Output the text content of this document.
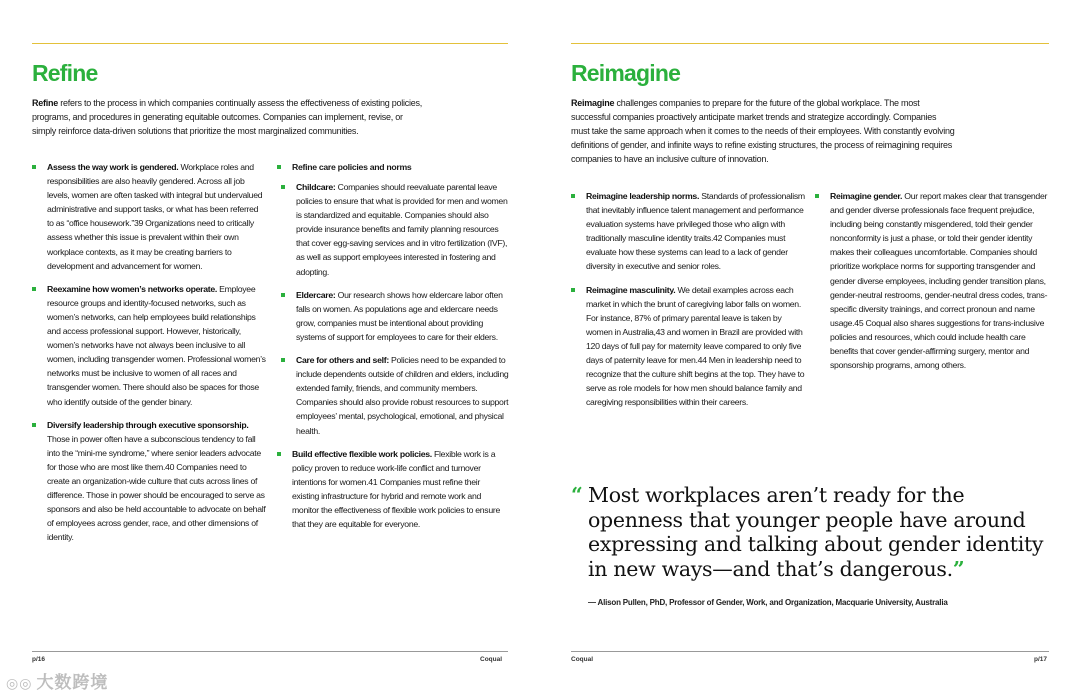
Refine

Refine refers to the process in which companies continually assess the effectiveness of existing policies, programs, and procedures in generating equitable outcomes. Companies can implement, revise, or simply reinforce data-driven solutions that prioritize the most marginalized communities.

Assess the way work is gendered. Workplace roles and responsibilities are also heavily gendered. Across all job levels, women are often tasked with integral but undervalued administrative and support tasks, or what has been referred to as “office housework.”39 Organizations need to critically assess whether this issue is prevalent within their own workplace contexts, as it may be creating barriers to development and advancement for women.
Reexamine how women’s networks operate. Employee resource groups and identity-focused networks, such as women’s networks, can help employees build relationships and access professional support. However, historically, women’s networks have not always been inclusive to all women, including transgender women. Professional women’s networks must be inclusive to women of all races and transgender women. There should also be spaces for those who identify outside of the gender binary.
Diversify leadership through executive sponsorship. Those in power often have a subconscious tendency to fall into the “mini-me syndrome,” where senior leaders advocate for those who are most like them.40 Companies need to create an organization-wide culture that cuts across lines of difference. Those in power should be encouraged to serve as sponsors and also be held accountable to advocate on behalf of employees across gender, race, and other dimensions of identity.
Refine care policies and norms
Childcare: Companies should reevaluate parental leave policies to ensure that what is provided for men and women is standardized and equitable. Companies should also provide insurance benefits and family planning resources that cover egg-saving services and in vitro fertilization (IVF), as well as support employees interested in fostering and adopting.
Eldercare: Our research shows how eldercare labor often falls on women. As populations age and eldercare needs grow, companies must be intentional about providing systems of support for employees to care for their elders.
Care for others and self: Policies need to be expanded to include dependents outside of children and elders, including extended family, friends, and community members. Companies should also provide robust resources to support employees’ mental, psychological, emotional, and physical health.
Build effective flexible work policies. Flexible work is a policy proven to reduce work-life conflict and turnover intentions for women.41 Companies must refine their existing infrastructure for hybrid and remote work and monitor the effectiveness of flexible work policies to ensure that they are equitable for everyone.
p/16	Coqual
Reimagine

Reimagine challenges companies to prepare for the future of the global workplace. The most successful companies proactively anticipate market trends and strategize accordingly. Companies must take the same approach when it comes to the needs of their employees. With constantly evolving definitions of gender, and infinite ways to refine existing structures, the process of reimagining requires companies to have an inclusive culture of innovation.

Reimagine leadership norms. Standards of professionalism that inevitably influence talent management and performance evaluation systems have privileged those who align with traditionally masculine identity traits.42 Companies must evaluate how these systems can lead to a lack of gender diversity in executive and senior roles.
Reimagine masculinity. We detail examples across each market in which the brunt of caregiving labor falls on women. For instance, 87% of primary parental leave is taken by women in Australia,43 and women in Brazil are provided with 120 days of full pay for maternity leave compared to only five days of paternity leave for men.44 Men in leadership need to recognize that the culture shift begins at the top. They have to serve as role models for how men should balance family and caregiving responsibilities within their careers.
Reimagine gender. Our report makes clear that transgender and gender diverse professionals face frequent prejudice, including being constantly misgendered, told their gender nonconformity is just a phase, or told their gender identity makes their colleagues uncomfortable. Companies should prioritize workplace norms for supporting transgender and gender diverse employees, including gender transition plans, gender-neutral restrooms, gender-neutral dress codes, trans-specific diversity trainings, and correct pronoun and name usage.45 Coqual also shares suggestions for trans-inclusive policies and resources, which could include health care benefits that cover gender-affirming surgery, mentor and sponsorship programs, among others.
“ Most workplaces aren’t ready for the openness that younger people have around expressing and talking about gender identity in new ways—and that’s dangerous.”
— Alison Pullen, PhD, Professor of Gender, Work, and Organization, Macquarie University, Australia
Coqual	p/17
◎◎ 大数跨境
